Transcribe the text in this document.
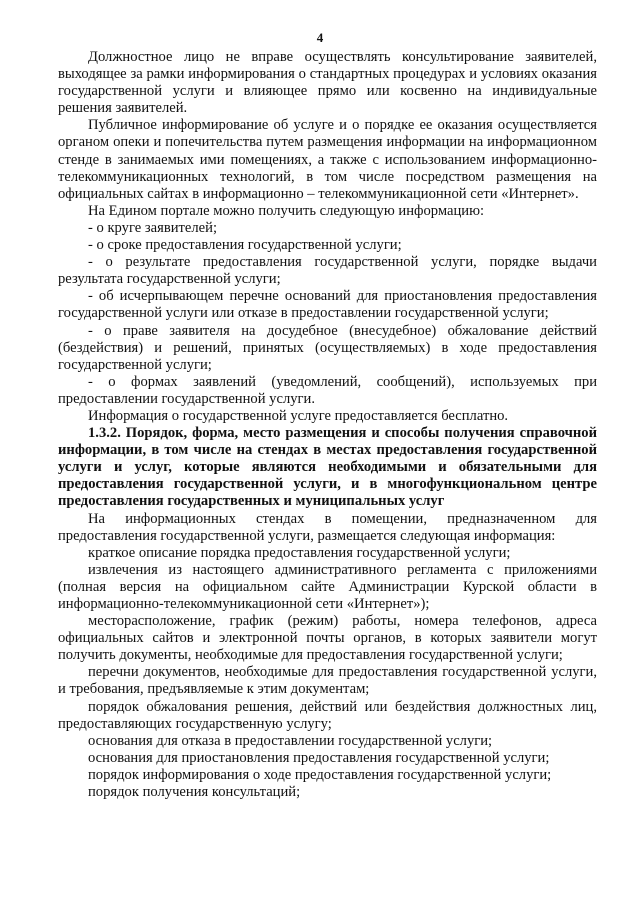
4

Должностное лицо не вправе осуществлять консультирование заявителей, выходящее за рамки информирования о стандартных процедурах и условиях оказания государственной услуги и влияющее прямо или косвенно на индивидуальные решения заявителей.

Публичное информирование об услуге и о порядке ее оказания осуществляется органом опеки и попечительства путем размещения информации на информационном стенде в занимаемых ими помещениях, а также с использованием информационно-телекоммуникационных технологий, в том числе посредством размещения на официальных сайтах в информационно – телекоммуникационной сети «Интернет».

На Едином портале можно получить следующую информацию:

- о круге заявителей;

- о сроке предоставления государственной услуги;

- о результате предоставления государственной услуги, порядке выдачи результата государственной услуги;

- об исчерпывающем перечне оснований для приостановления предоставления государственной услуги или отказе в предоставлении государственной услуги;

- о праве заявителя на досудебное (внесудебное) обжалование действий (бездействия) и решений, принятых (осуществляемых) в ходе предоставления государственной услуги;

- о формах заявлений (уведомлений, сообщений), используемых при предоставлении государственной услуги.

Информация о государственной услуге предоставляется бесплатно.

1.3.2. Порядок, форма, место размещения и способы получения справочной информации, в том числе на стендах в местах предоставления государственной услуги и услуг, которые являются необходимыми и обязательными для предоставления государственной услуги, и в многофункциональном центре предоставления государственных и муниципальных услуг

На информационных стендах в помещении, предназначенном для предоставления государственной услуги, размещается следующая информация:

краткое описание порядка предоставления государственной услуги;

извлечения из настоящего административного регламента с приложениями (полная версия на официальном сайте Администрации Курской области в информационно-телекоммуникационной сети «Интернет»);

месторасположение, график (режим) работы, номера телефонов, адреса официальных сайтов и электронной почты органов, в которых заявители могут получить документы, необходимые для предоставления государственной услуги;

перечни документов, необходимые для предоставления государственной услуги, и требования, предъявляемые к этим документам;

порядок обжалования решения, действий или бездействия должностных лиц, предоставляющих государственную услугу;

основания для отказа в предоставлении государственной услуги;

основания для приостановления предоставления государственной услуги;

порядок информирования о ходе предоставления государственной услуги;

порядок получения консультаций;
